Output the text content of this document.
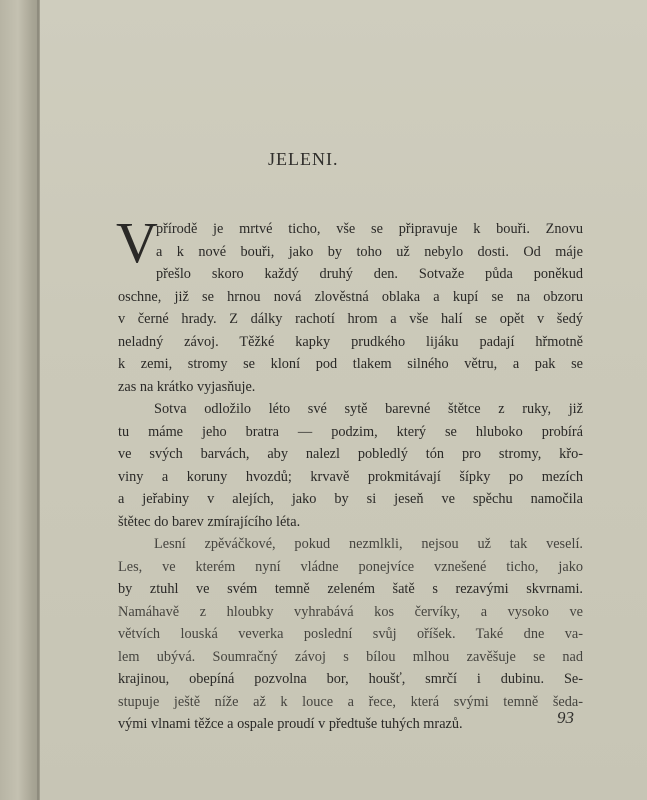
JELENI.
V
přírodě je mrtvé ticho, vše se připravuje k bouři. Znovu
a k nové bouři, jako by toho už nebylo dosti. Od máje
přešlo skoro každý druhý den. Sotvaže půda poněkud
oschne, již se hrnou nová zlověstná oblaka a kupí se na obzoru
v černé hrady. Z dálky rachotí hrom a vše halí se opět v šedý
neladný závoj. Těžké kapky prudkého lijáku padají hřmotně
k zemi, stromy se kloní pod tlakem silného větru, a pak se
zas na krátko vyjasňuje.
Sotva odložilo léto své sytě barevné štětce z ruky, již
tu máme jeho bratra — podzim, který se hluboko probírá
ve svých barvách, aby nalezl pobledlý tón pro stromy, křo-
viny a koruny hvozdů; krvavě prokmitávají šípky po mezích
a jeřabiny v alejích, jako by si jeseň ve spěchu namočila
štětec do barev zmírajícího léta.
Lesní zpěváčkové, pokud nezmlkli, nejsou už tak veselí.
Les, ve kterém nyní vládne ponejvíce vznešené ticho, jako
by ztuhl ve svém temně zeleném šatě s rezavými skvrnami.
Namáhavě z hloubky vyhrabává kos červíky, a vysoko ve
větvích louská veverka poslední svůj oříšek. Také dne va-
lem ubývá. Soumračný závoj s bílou mlhou zavěšuje se nad
krajinou, obepíná pozvolna bor, houšť, smrčí i dubinu. Se-
stupuje ještě níže až k louce a řece, která svými temně šeda-
vými vlnami těžce a ospale proudí v předtuše tuhých mrazů.	93
